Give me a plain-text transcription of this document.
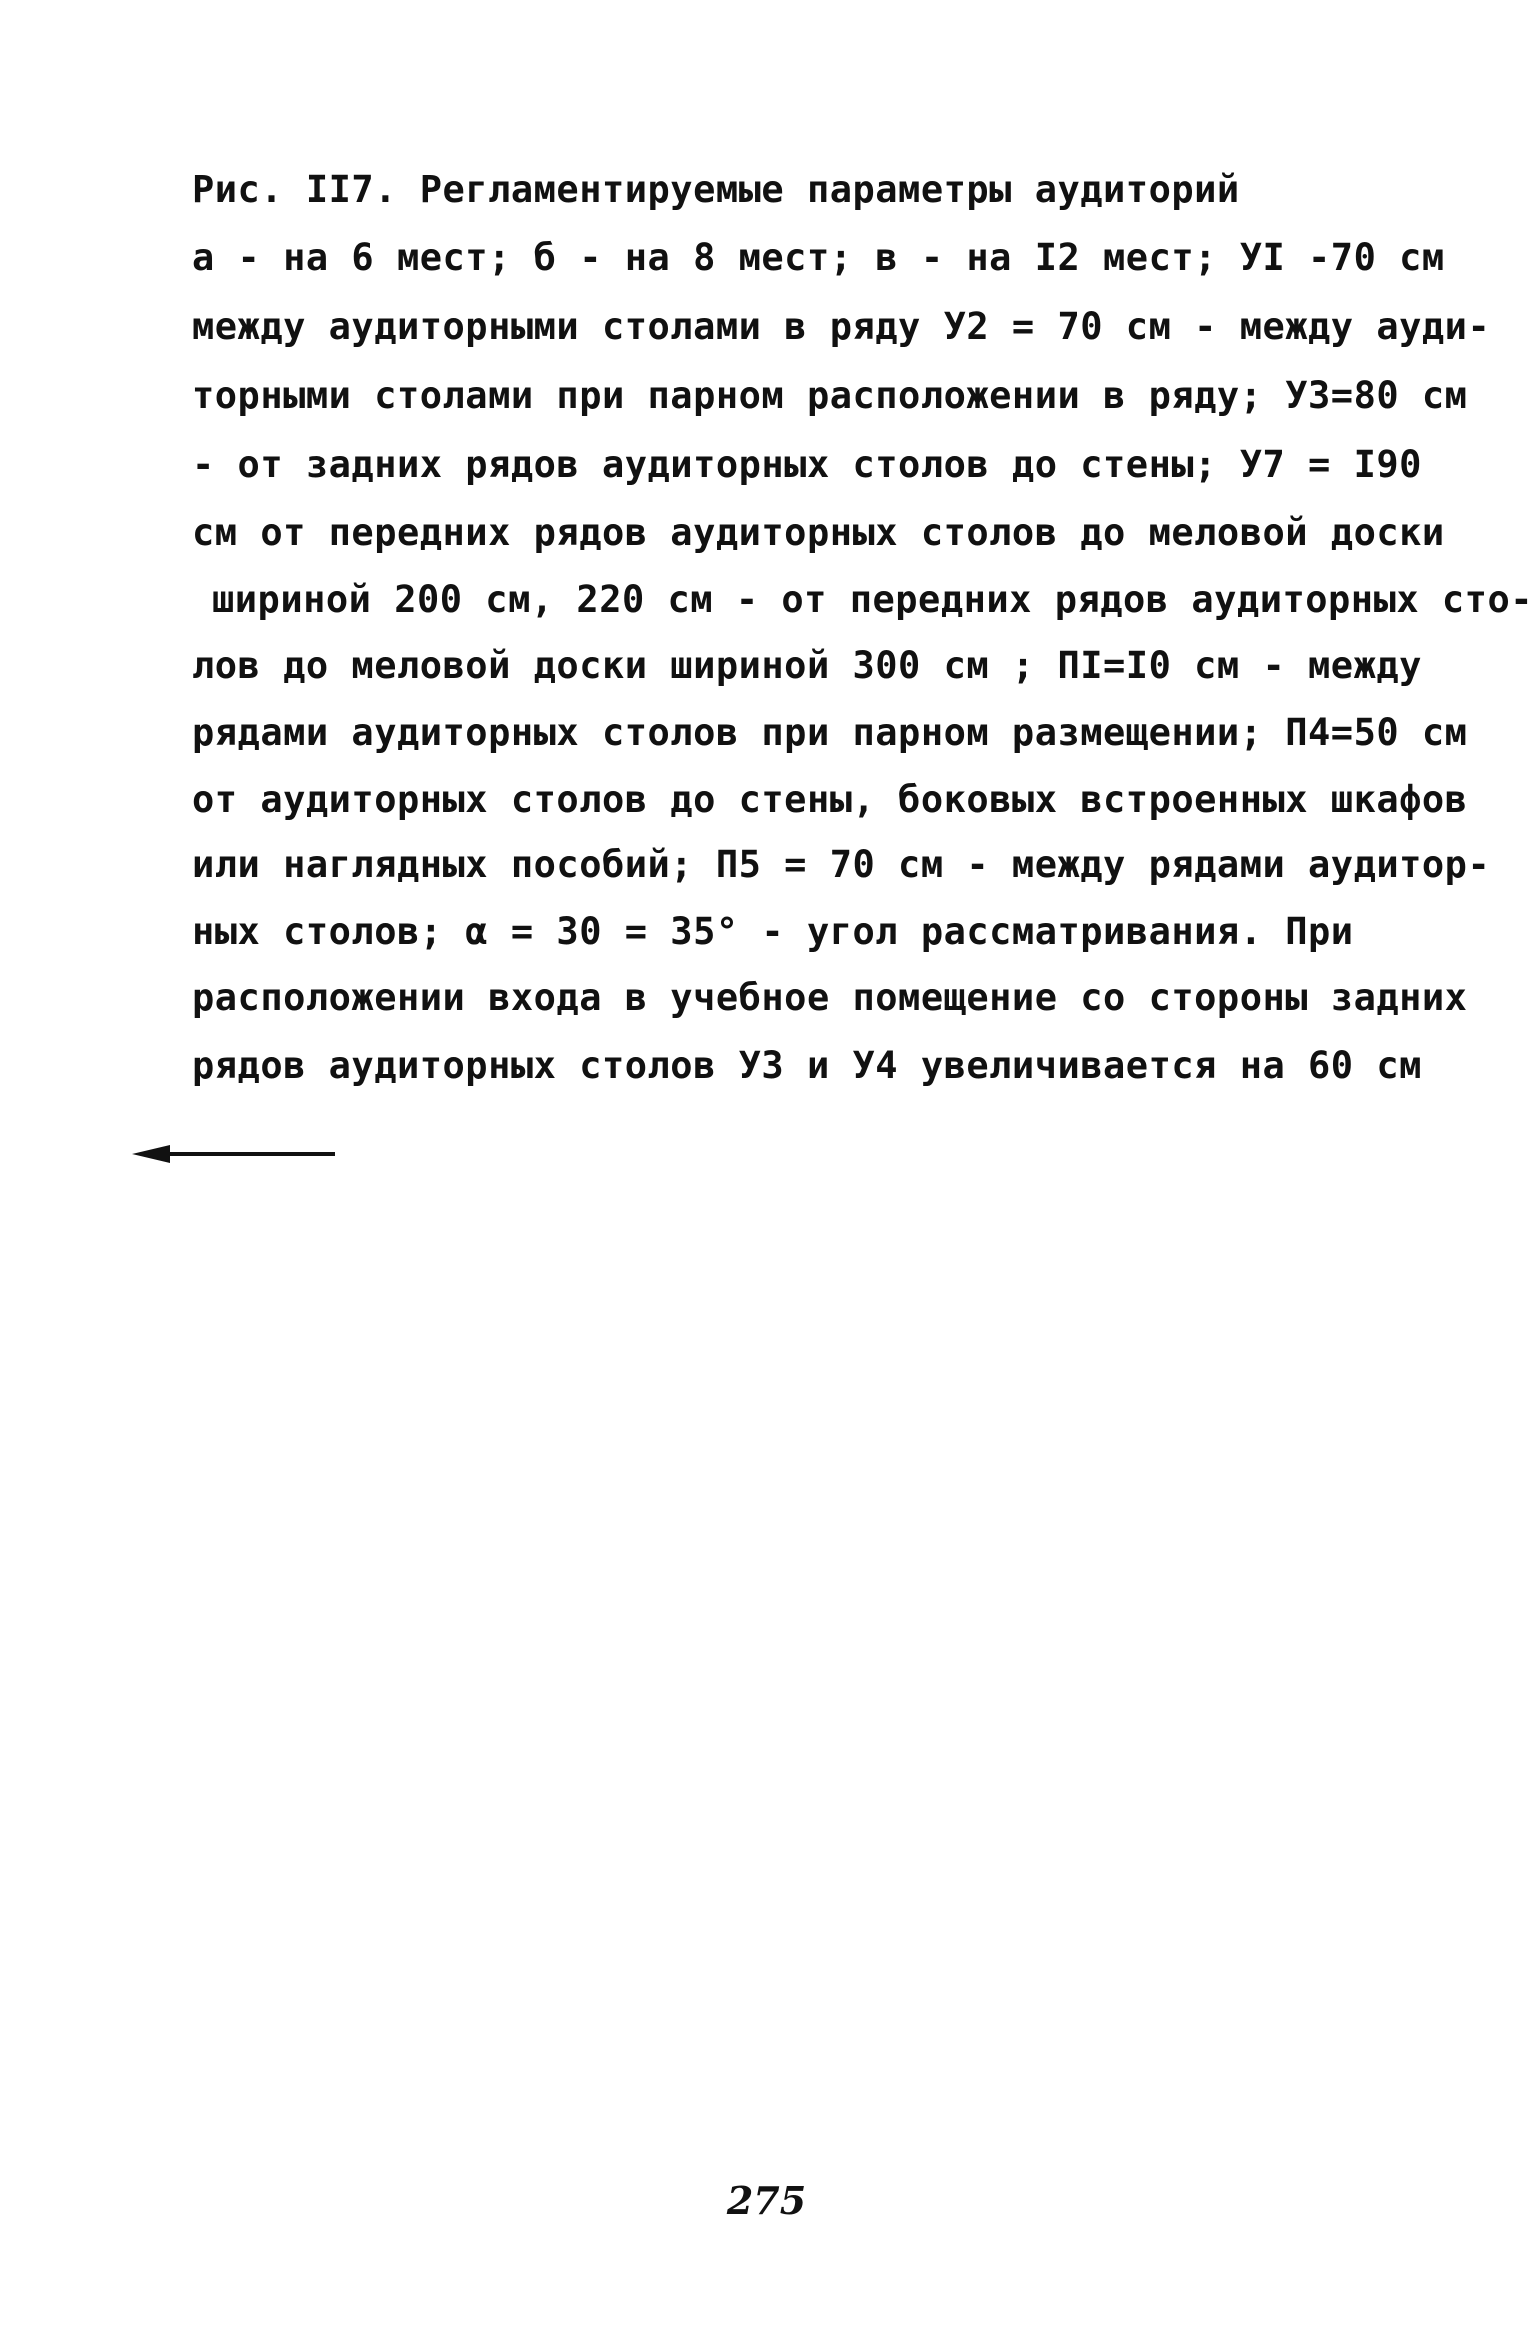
Рис. II7. Регламентируемые параметры аудиторий
а - на 6 мест; б - на 8 мест; в - на I2 мест; УI -70 см
между аудиторными столами в ряду У2 = 70 см - между ауди-
торными столами при парном расположении в ряду; У3=80 см
- от задних рядов аудиторных столов до стены; У7 = I90
см от передних рядов аудиторных столов до меловой доски
шириной 200 см, 220 см - от передних рядов аудиторных сто-
лов до меловой доски шириной 300 см ; ПI=I0 см - между
рядами аудиторных столов при парном размещении; П4=50 см
от аудиторных столов до стены, боковых встроенных шкафов
или наглядных пособий; П5 = 70 см - между рядами аудитор-
ных столов; α = 30 = 35° - угол рассматривания. При
расположении входа в учебное помещение со стороны задних
рядов аудиторных столов У3 и У4 увеличивается на 60 см
275
